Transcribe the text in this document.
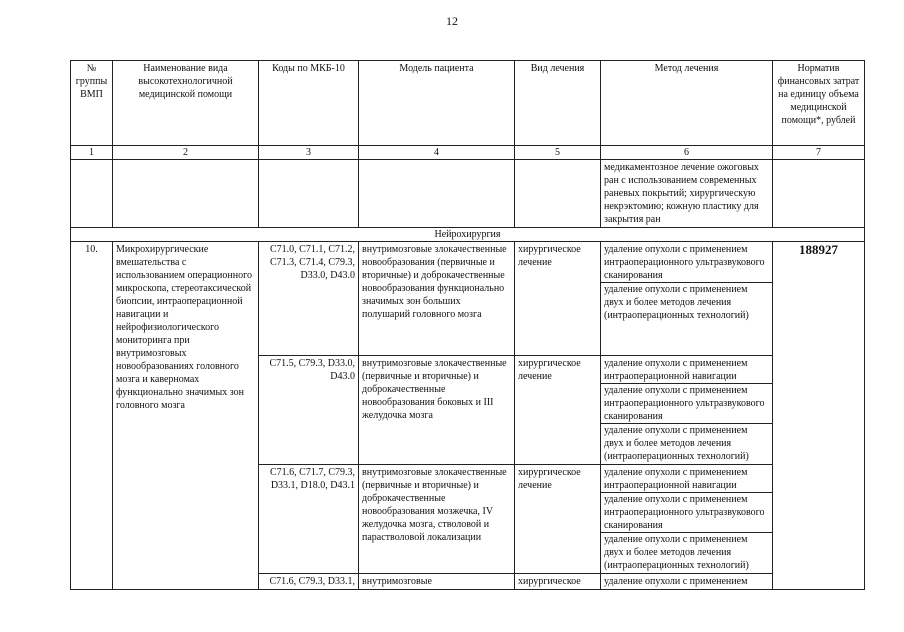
12
№ группы ВМП	Наименование вида высокотехнологичной медицинской помощи	Коды по МКБ-10	Модель пациента	Вид лечения	Метод лечения	Норматив финансовых затрат на единицу объема медицинской помощи*, рублей
1	2	3	4	5	6	7
					медикаментозное лечение ожоговых ран с использованием современных раневых покрытий; хирургическую некрэктомию; кожную пластику для закрытия ран	
Нейрохирургия						
10.	Микрохирургические вмешательства с использованием операционного микроскопа, стереотаксической биопсии, интраоперационной навигации и нейрофизиологического мониторинга при внутримозговых новообразованиях головного мозга и каверномах функционально значимых зон головного мозга	C71.0, C71.1, C71.2, C71.3, C71.4, C79.3, D33.0, D43.0	внутримозговые злокачественные новообразования (первичные и вторичные) и доброкачественные новообразования функционально значимых зон больших полушарий головного мозга	хирургическое лечение	удаление опухоли с применением интраоперационного ультразвукового сканирования
удаление опухоли с применением двух и более методов лечения (интраоперационных технологий)	188927
		C71.5, C79.3, D33.0, D43.0	внутримозговые злокачественные (первичные и вторичные) и доброкачественные новообразования боковых и III желудочка мозга	хирургическое лечение	удаление опухоли с применением интраоперационной навигации
удаление опухоли с применением интраоперационного ультразвукового сканирования
удаление опухоли с применением двух и более методов лечения (интраоперационных технологий)	

		C71.6, C71.7, C79.3, D33.1, D18.0, D43.1	внутримозговые злокачественные (первичные и вторичные) и доброкачественные новообразования мозжечка, IV желудочка мозга, стволовой и парастволовой локализации	хирургическое лечение	удаление опухоли с применением интраоперационной навигации
удаление опухоли с применением интраоперационного ультразвукового сканирования
удаление опухоли с применением двух и более методов лечения (интраоперационных технологий)	

		C71.6, C79.3, D33.1,	внутримозговые	хирургическое	удаление опухоли с применением	
